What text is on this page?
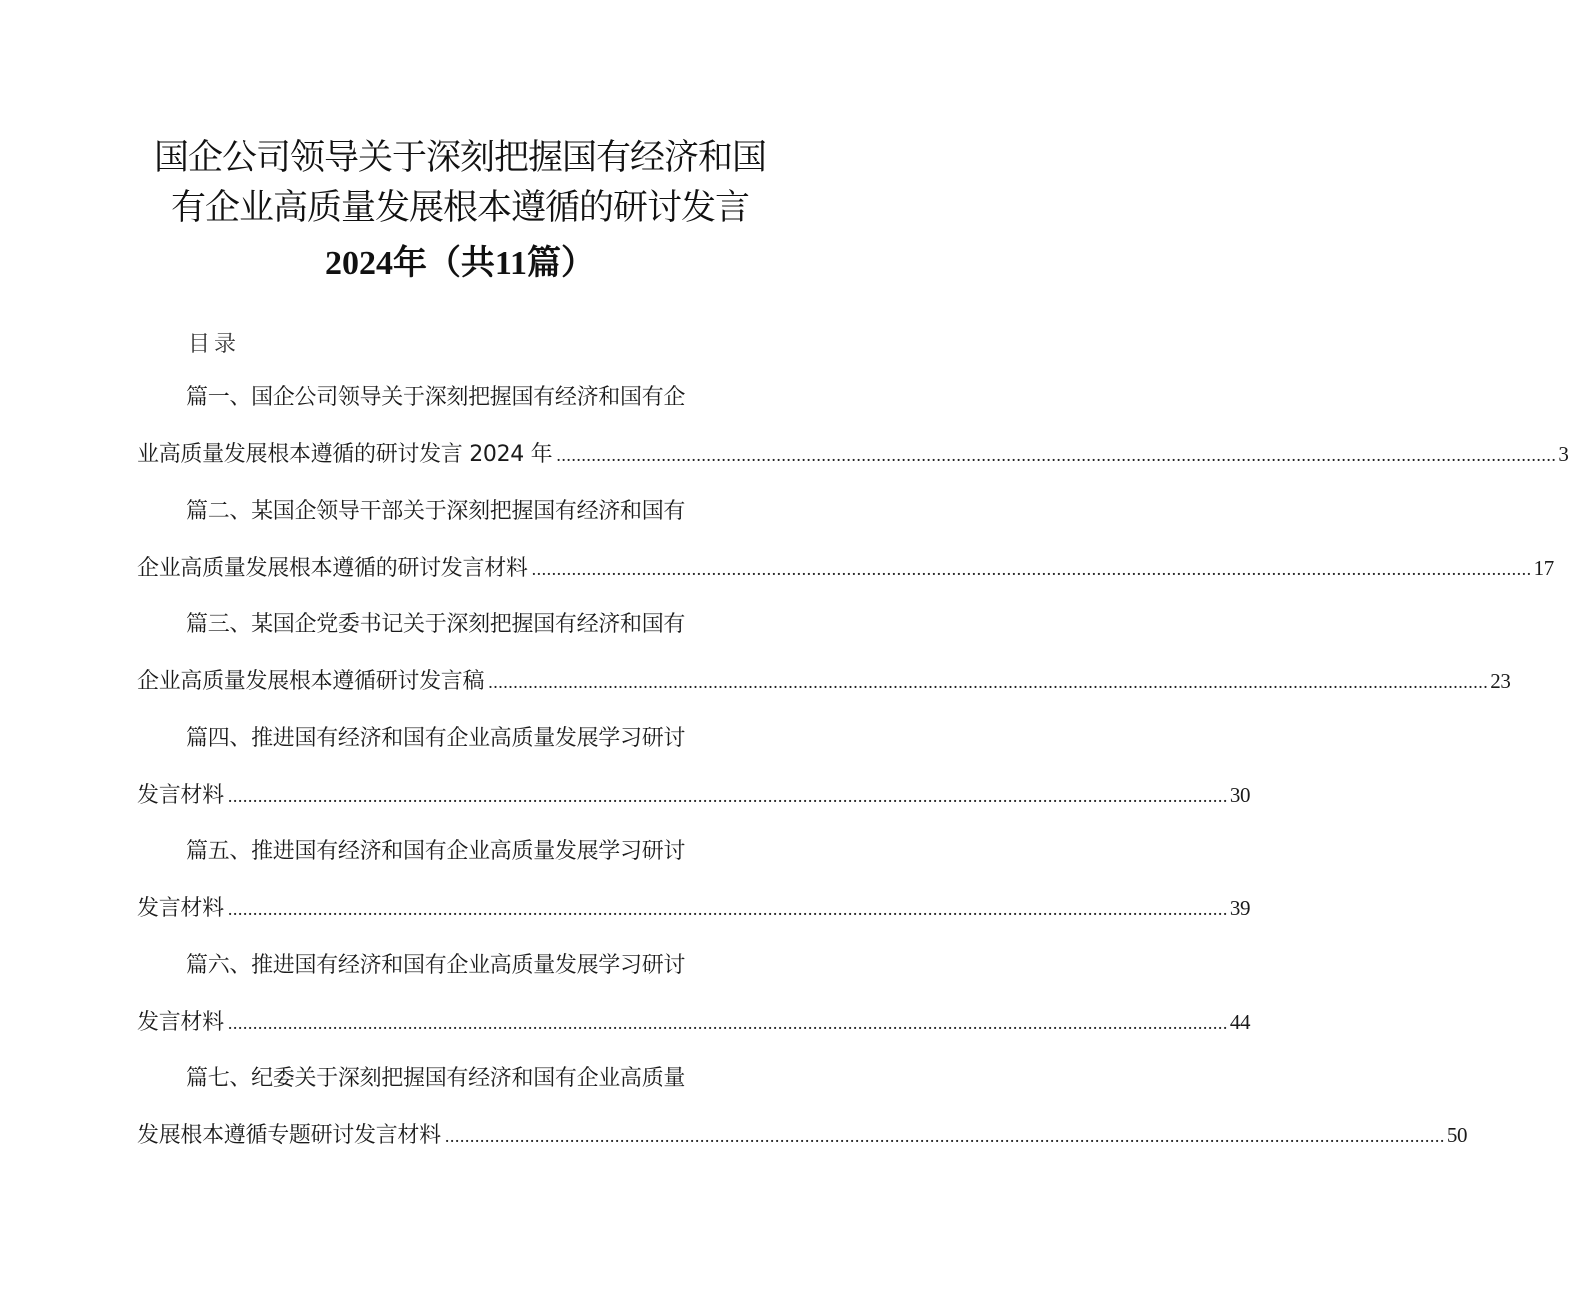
国企公司领导关于深刻把握国有经济和国
有企业高质量发展根本遵循的研讨发言
2024年（共11篇）
目录
篇一、国企公司领导关于深刻把握国有经济和国有企
业高质量发展根本遵循的研讨发言 2024 年 ........................................................................................................................................................................................................ 3
篇二、某国企领导干部关于深刻把握国有经济和国有
企业高质量发展根本遵循的研讨发言材料 ........................................................................................................................................................................................................ 17
篇三、某国企党委书记关于深刻把握国有经济和国有
企业高质量发展根本遵循研讨发言稿 ........................................................................................................................................................................................................ 23
篇四、推进国有经济和国有企业高质量发展学习研讨
发言材料 ........................................................................................................................................................................................................ 30
篇五、推进国有经济和国有企业高质量发展学习研讨
发言材料 ........................................................................................................................................................................................................ 39
篇六、推进国有经济和国有企业高质量发展学习研讨
发言材料 ........................................................................................................................................................................................................ 44
篇七、纪委关于深刻把握国有经济和国有企业高质量
发展根本遵循专题研讨发言材料 ........................................................................................................................................................................................................ 50
